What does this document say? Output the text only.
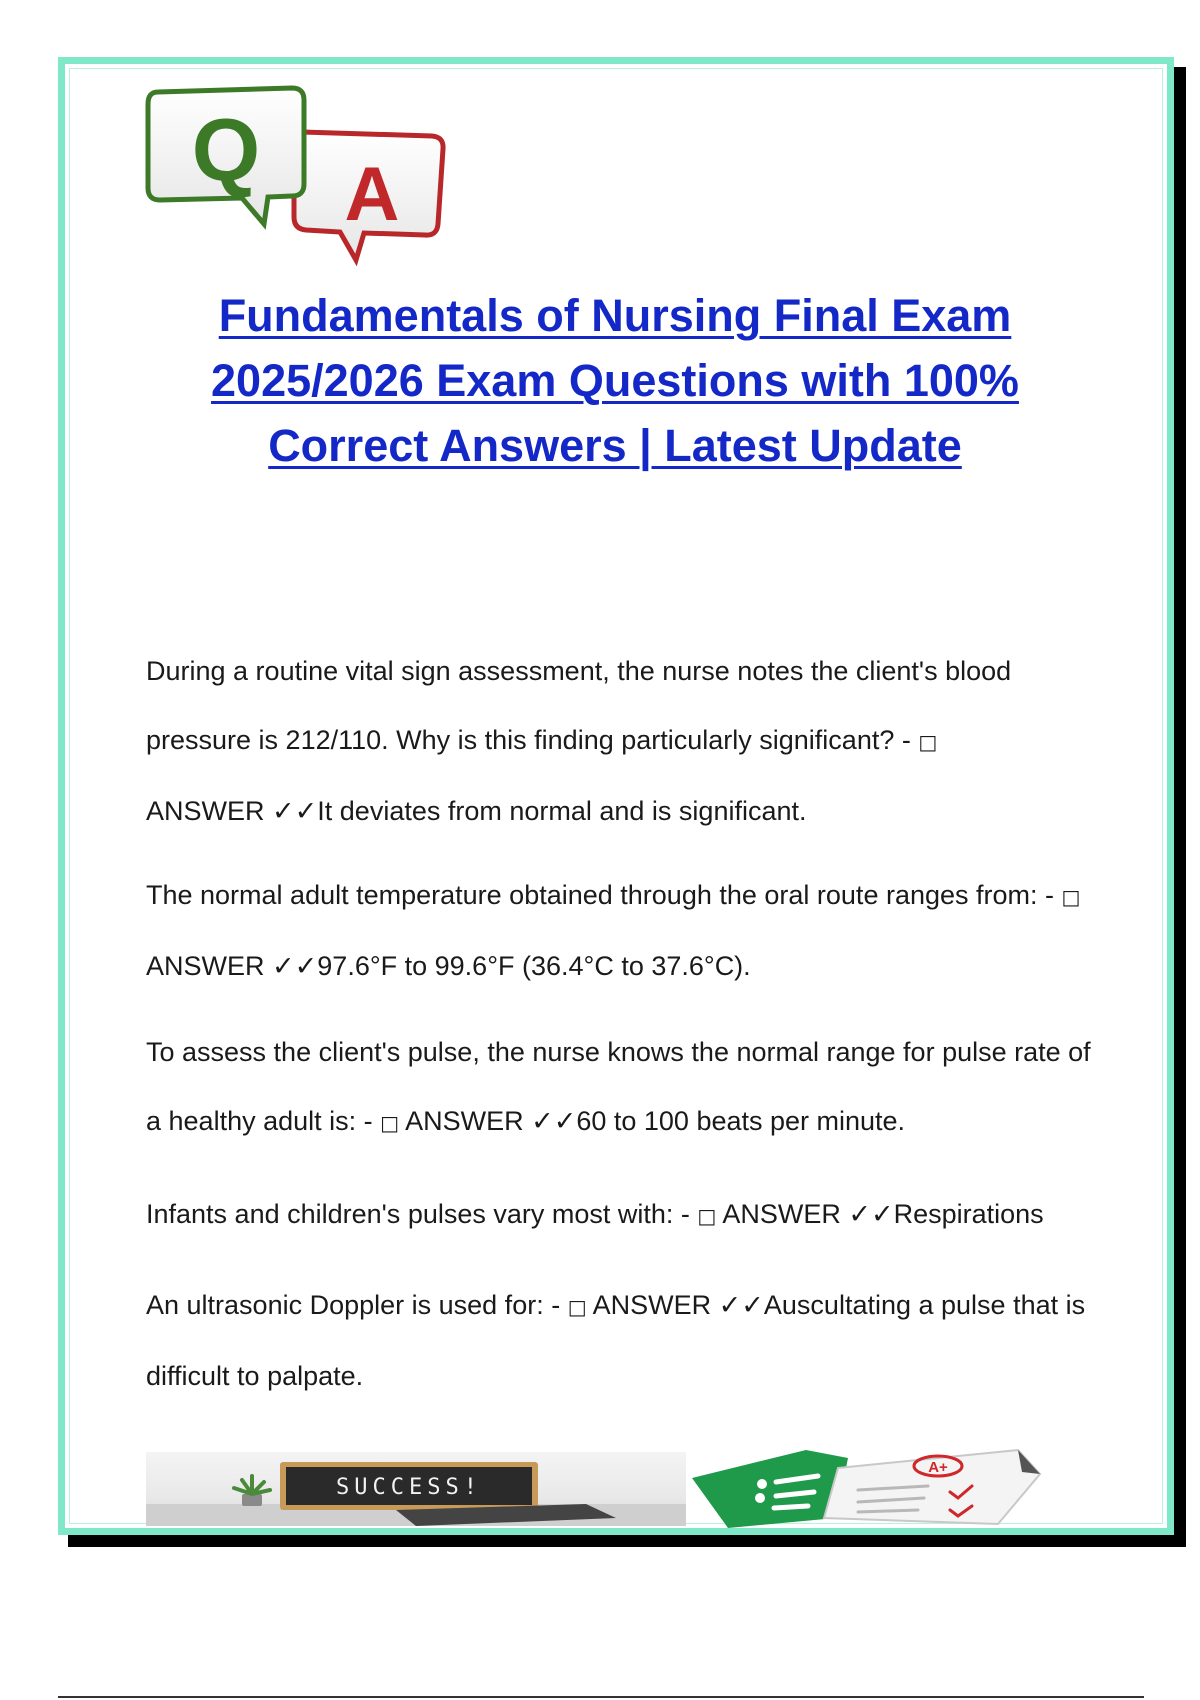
A
Q
Fundamentals of Nursing Final Exam 2025/2026 Exam Questions with 100% Correct Answers | Latest Update

During a routine vital sign assessment, the nurse notes the client's blood pressure is 212/110. Why is this finding particularly significant? - □
ANSWER ✓✓It deviates from normal and is significant.

The normal adult temperature obtained through the oral route ranges from: - □ ANSWER ✓✓97.6°F to 99.6°F (36.4°C to 37.6°C).

To assess the client's pulse, the nurse knows the normal range for pulse rate of a healthy adult is: - □ ANSWER ✓✓60 to 100 beats per minute.

Infants and children's pulses vary most with: - □ ANSWER ✓✓Respirations

An ultrasonic Doppler is used for: - □ ANSWER ✓✓Auscultating a pulse that is difficult to palpate.

SUCCESS!
A+
